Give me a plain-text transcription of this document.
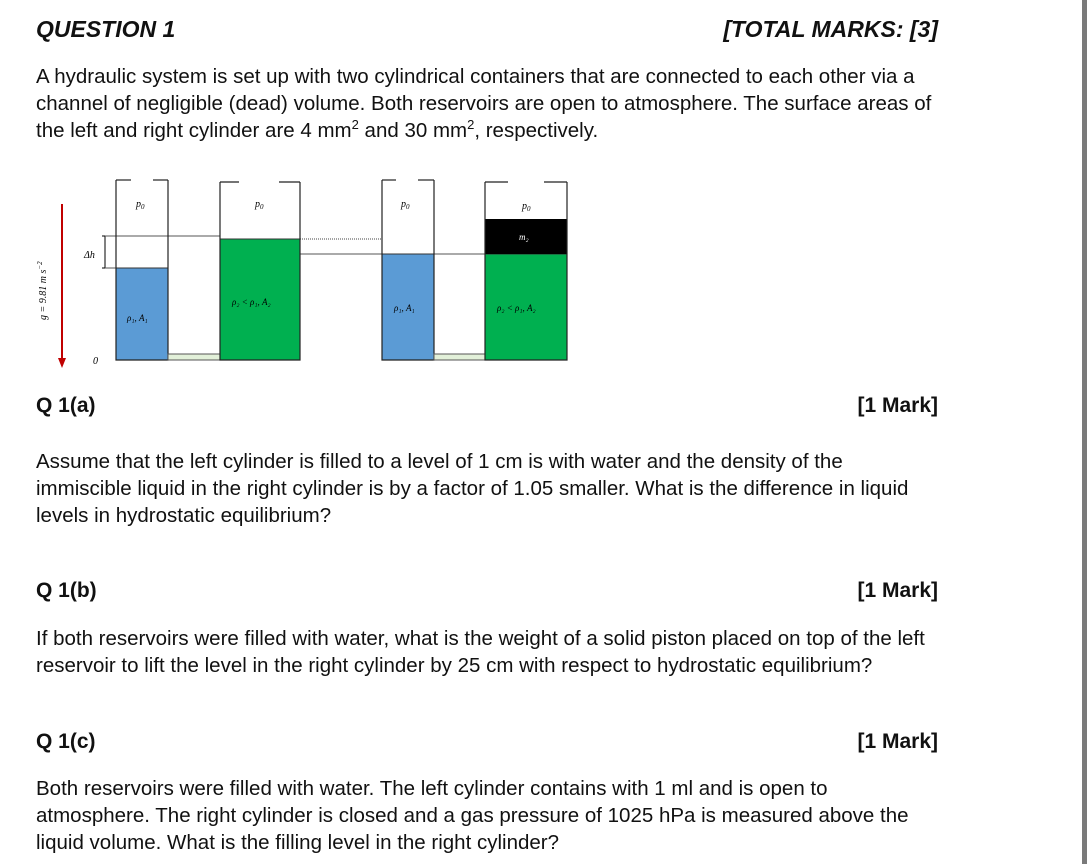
QUESTION 1	[TOTAL MARKS: [3]

A hydraulic system is set up with two cylindrical containers that are connected to each other via a channel of negligible (dead) volume. Both reservoirs are open to atmosphere. The surface areas of the left and right cylinder are 4 $mm^2$ and 30 $mm^2$, respectively.

g = 9.81 m $s^{-2}$
Δh
0
$p_0$
ρ₁, A₁
$p_0$
ρ₂ < ρ₁, A₂
$p_0$
ρ₁, A₁
$p_0$
m₂
ρ₂ < ρ₁, A₂
Q 1(a)	[1 Mark]
Assume that the left cylinder is filled to a level of 1 cm is with water and the density of the immiscible liquid in the right cylinder is by a factor of 1.05 smaller. What is the difference in liquid levels in hydrostatic equilibrium?
Q 1(b)	[1 Mark]
If both reservoirs were filled with water, what is the weight of a solid piston placed on top of the left reservoir to lift the level in the right cylinder by 25 cm with respect to hydrostatic equilibrium?
Q 1(c)	[1 Mark]
Both reservoirs were filled with water. The left cylinder contains with 1 ml and is open to atmosphere. The right cylinder is closed and a gas pressure of 1025 hPa is measured above the liquid volume. What is the filling level in the right cylinder?
